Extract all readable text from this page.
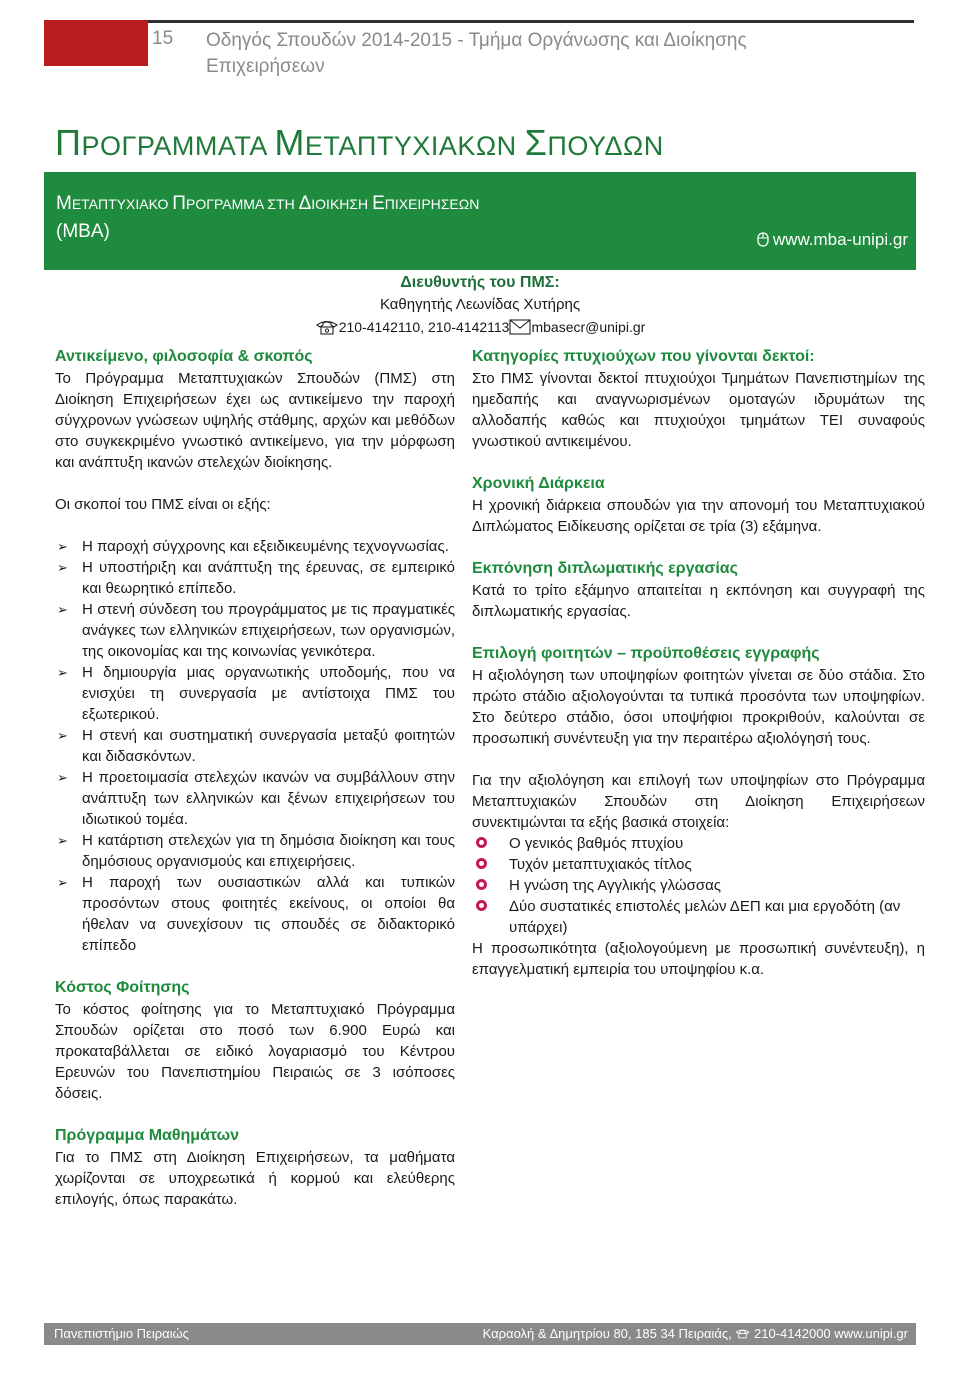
15 Οδηγός Σπουδών 2014-2015 - Τμήμα Οργάνωσης και Διοίκησης Επιχειρήσεων
ΠΡΟΓΡΑΜΜΑΤΑ ΜΕΤΑΠΤΥΧΙΑΚΩΝ ΣΠΟΥΔΩΝ
ΜΕΤΑΠΤΥΧΙΑΚΟ ΠΡΟΓΡΑΜΜΑ ΣΤΗ ΔΙΟΙΚΗΣΗ ΕΠΙΧΕΙΡΗΣΕΩΝ
(MBA)	www.mba-unipi.gr
Διευθυντής του ΠΜΣ:
Καθηγητής Λεωνίδας Χυτήρης
210-4142110, 210-4142113 mbasecr@unipi.gr

Αντικείμενο, φιλοσοφία & σκοπός

Το Πρόγραμμα Μεταπτυχιακών Σπουδών (ΠΜΣ) στη Διοίκηση Επιχειρήσεων έχει ως αντικείμενο την παροχή σύγχρονων γνώσεων υψηλής στάθμης, αρχών και μεθόδων στο συγκεκριμένο γνωστικό αντικείμενο, για την μόρφωση και ανάπτυξη ικανών στελεχών διοίκησης.

Οι σκοποί του ΠΜΣ είναι οι εξής:

➢ Η παροχή σύγχρονης και εξειδικευμένης τεχνογνωσίας.
➢ Η υποστήριξη και ανάπτυξη της έρευνας, σε εμπειρικό και θεωρητικό επίπεδο.
➢ Η στενή σύνδεση του προγράμματος με τις πραγματικές ανάγκες των ελληνικών επιχειρήσεων, των οργανισμών, της οικονομίας και της κοινωνίας γενικότερα.
➢ Η δημιουργία μιας οργανωτικής υποδομής, που να ενισχύει τη συνεργασία με αντίστοιχα ΠΜΣ του εξωτερικού.
➢ Η στενή και συστηματική συνεργασία μεταξύ φοιτητών και διδασκόντων.
➢ Η προετοιμασία στελεχών ικανών να συμβάλλουν στην ανάπτυξη των ελληνικών και ξένων επιχειρήσεων του ιδιωτικού τομέα.
➢ Η κατάρτιση στελεχών για τη δημόσια διοίκηση και τους δημόσιους οργανισμούς και επιχειρήσεις.
➢ Η παροχή των ουσιαστικών αλλά και τυπικών προσόντων στους φοιτητές εκείνους, οι οποίοι θα ήθελαν να συνεχίσουν τις σπουδές σε διδακτορικό επίπεδο

Κόστος Φοίτησης

Το κόστος φοίτησης για το Μεταπτυχιακό Πρόγραμμα Σπουδών ορίζεται στο ποσό των 6.900 Ευρώ και προκαταβάλλεται σε ειδικό λογαριασμό του Κέντρου Ερευνών του Πανεπιστημίου Πειραιώς σε 3 ισόποσες δόσεις.

Πρόγραμμα Μαθημάτων

Για το ΠΜΣ στη Διοίκηση Επιχειρήσεων, τα μαθήματα χωρίζονται σε υποχρεωτικά ή κορμού και ελεύθερης επιλογής, όπως παρακάτω.

Κατηγορίες πτυχιούχων που γίνονται δεκτοί:

Στο ΠΜΣ γίνονται δεκτοί πτυχιούχοι Τμημάτων Πανεπιστημίων της ημεδαπής και αναγνωρισμένων ομοταγών ιδρυμάτων της αλλοδαπής καθώς και πτυχιούχοι τμημάτων ΤΕΙ συναφούς γνωστικού αντικειμένου.

Χρονική Διάρκεια

Η χρονική διάρκεια σπουδών για την απονομή του Μεταπτυχιακού Διπλώματος Ειδίκευσης ορίζεται σε τρία (3) εξάμηνα.

Εκπόνηση διπλωματικής εργασίας

Κατά το τρίτο εξάμηνο απαιτείται η εκπόνηση και συγγραφή της διπλωματικής εργασίας.

Επιλογή φοιτητών – προϋποθέσεις εγγραφής

Η αξιολόγηση των υποψηφίων φοιτητών γίνεται σε δύο στάδια. Στο πρώτο στάδιο αξιολογούνται τα τυπικά προσόντα των υποψηφίων. Στο δεύτερο στάδιο, όσοι υποψήφιοι προκριθούν, καλούνται σε προσωπική συνέντευξη για την περαιτέρω αξιολόγησή τους.

Για την αξιολόγηση και επιλογή των υποψηφίων στο Πρόγραμμα Μεταπτυχιακών Σπουδών στη Διοίκηση Επιχειρήσεων συνεκτιμώνται τα εξής βασικά στοιχεία:

Ο γενικός βαθμός πτυχίου
Τυχόν μεταπτυχιακός τίτλος
Η γνώση της Αγγλικής γλώσσας
Δύο συστατικές επιστολές μελών ΔΕΠ και μια εργοδότη (αν υπάρχει)

Η προσωπικότητα (αξιολογούμενη με προσωπική συνέντευξη), η επαγγελματική εμπειρία του υποψηφίου κ.α.

Πανεπιστήμιο Πειραιώς	Καραολή & Δημητρίου 80, 185 34 Πειραιάς, 210-4142000 www.unipi.gr
